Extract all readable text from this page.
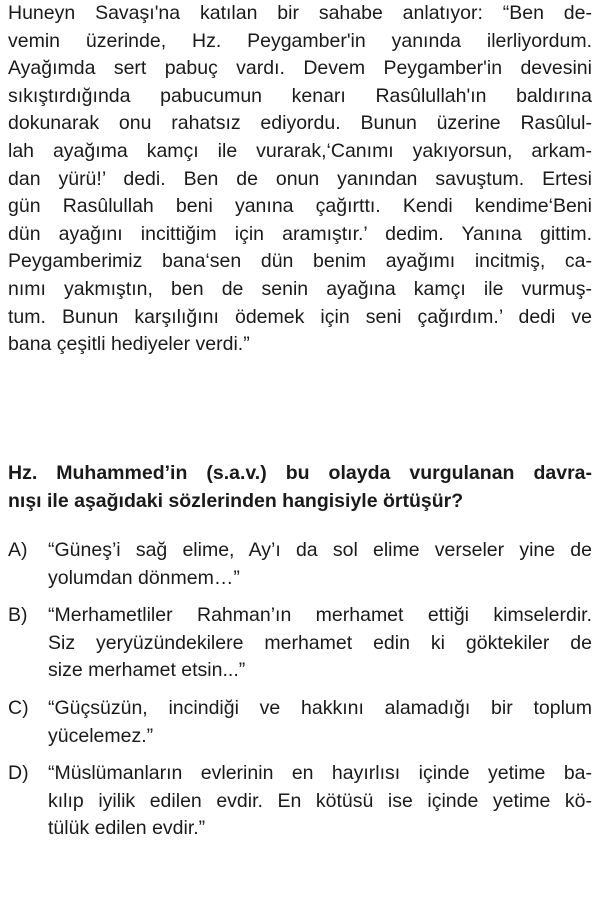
Huneyn Savaşı'na katılan bir sahabe anlatıyor: “Ben de-
vemin üzerinde, Hz. Peygamber'in yanında ilerliyordum.
Ayağımda sert pabuç vardı. Devem Peygamber'in devesini
sıkıştırdığında pabucumun kenarı Rasûlullah'ın baldırına
dokunarak onu rahatsız ediyordu. Bunun üzerine Rasûlul-
lah ayağıma kamçı ile vurarak,‘Canımı yakıyorsun, arkam-
dan yürü!’ dedi. Ben de onun yanından savuştum. Ertesi
gün Rasûlullah beni yanına çağırttı. Kendi kendime‘Beni
dün ayağını incittiğim için aramıştır.’ dedim. Yanına gittim.
Peygamberimiz bana‘sen dün benim ayağımı incitmiş, ca-
nımı yakmıştın, ben de senin ayağına kamçı ile vurmuş-
tum. Bunun karşılığını ödemek için seni çağırdım.’ dedi ve
bana çeşitli hediyeler verdi.”
Hz. Muhammed’in (s.a.v.) bu olayda vurgulanan davra-
nışı ile aşağıdaki sözlerinden hangisiyle örtüşür?
A)	“Güneş’i sağ elime, Ay’ı da sol elime verseler yine de
yolumdan dönmem…”
B)	“Merhametliler Rahman’ın merhamet ettiği kimselerdir.
Siz yeryüzündekilere merhamet edin ki göktekiler de
size merhamet etsin...”
C) “Güçsüzün, incindiği ve hakkını alamadığı bir toplum
yücelemez.”
D) “Müslümanların evlerinin en hayırlısı içinde yetime ba-
kılıp iyilik edilen evdir. En kötüsü ise içinde yetime kö-
tülük edilen evdir.”
